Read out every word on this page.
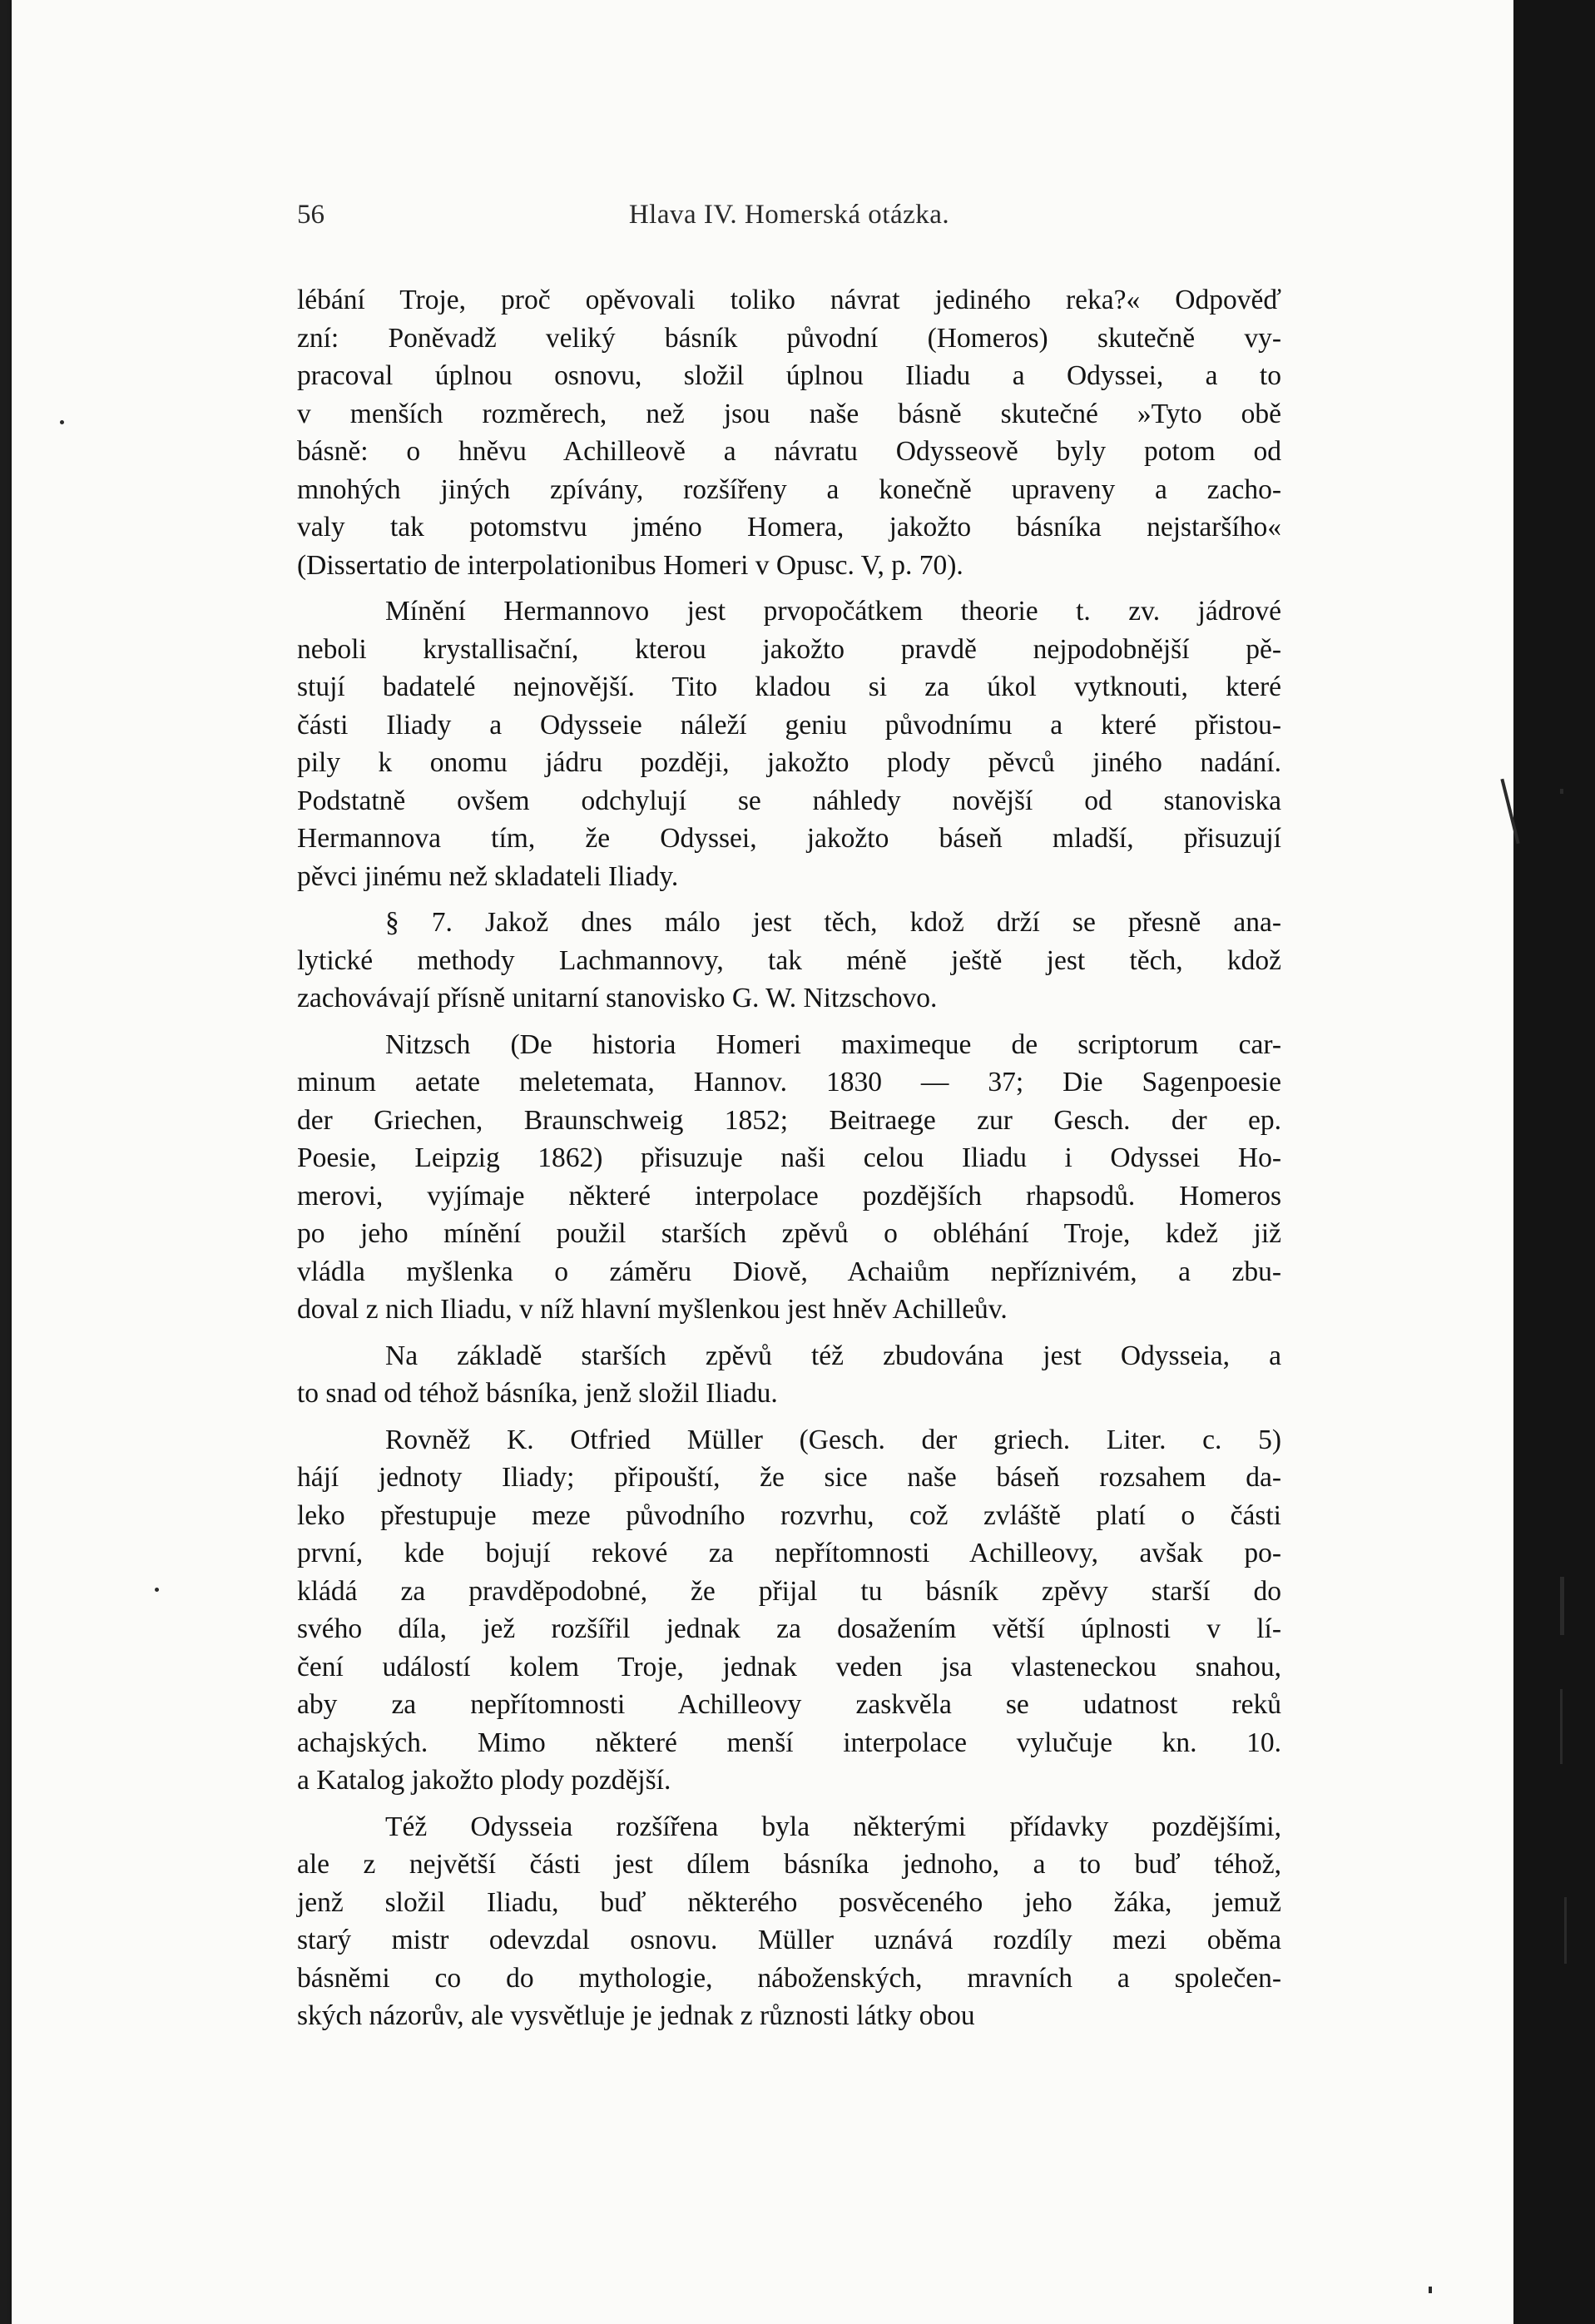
56	Hlava IV. Homerská otázka.
lébání Troje, proč opěvovali toliko návrat jediného reka?« Odpověď
zní: Poněvadž veliký básník původní (Homeros) skutečně vy-
pracoval úplnou osnovu, složil úplnou Iliadu a Odyssei, a to
v menších rozměrech, než jsou naše básně skutečné »Tyto obě
básně: o hněvu Achilleově a návratu Odysseově byly potom od
mnohých jiných zpívány, rozšířeny a konečně upraveny a zacho-
valy tak potomstvu jméno Homera, jakožto básníka nejstaršího«
(Dissertatio de interpolationibus Homeri v Opusc. V, p. 70).
Mínění Hermannovo jest prvopočátkem theorie t. zv. jádrové
neboli krystallisační, kterou jakožto pravdě nejpodobnější pě-
stují badatelé nejnovější. Tito kladou si za úkol vytknouti, které
části Iliady a Odysseie náleží geniu původnímu a které přistou-
pily k onomu jádru později, jakožto plody pěvců jiného nadání.
Podstatně ovšem odchylují se náhledy novější od stanoviska
Hermannova tím, že Odyssei, jakožto báseň mladší, přisuzují
pěvci jinému než skladateli Iliady.
§ 7. Jakož dnes málo jest těch, kdož drží se přesně ana-
lytické methody Lachmannovy, tak méně ještě jest těch, kdož
zachovávají přísně unitarní stanovisko G. W. Nitzschovo.
Nitzsch (De historia Homeri maximeque de scriptorum car-
minum aetate meletemata, Hannov. 1830 — 37; Die Sagenpoesie
der Griechen, Braunschweig 1852; Beitraege zur Gesch. der ep.
Poesie, Leipzig 1862) přisuzuje naši celou Iliadu i Odyssei Ho-
merovi, vyjímaje některé interpolace pozdějších rhapsodů. Homeros
po jeho mínění použil starších zpěvů o obléhání Troje, kdež již
vládla myšlenka o záměru Diově, Achaiům nepříznivém, a zbu-
doval z nich Iliadu, v níž hlavní myšlenkou jest hněv Achilleův.
Na základě starších zpěvů též zbudována jest Odysseia, a
to snad od téhož básníka, jenž složil Iliadu.
Rovněž K. Otfried Müller (Gesch. der griech. Liter. c. 5)
hájí jednoty Iliady; připouští, že sice naše báseň rozsahem da-
leko přestupuje meze původního rozvrhu, což zvláště platí o části
první, kde bojují rekové za nepřítomnosti Achilleovy, avšak po-
kládá za pravděpodobné, že přijal tu básník zpěvy starší do
svého díla, jež rozšířil jednak za dosažením větší úplnosti v lí-
čení událostí kolem Troje, jednak veden jsa vlasteneckou snahou,
aby za nepřítomnosti Achilleovy zaskvěla se udatnost reků
achajských. Mimo některé menší interpolace vylučuje kn. 10.
a Katalog jakožto plody pozdější.
Též Odysseia rozšířena byla některými přídavky pozdějšími,
ale z největší části jest dílem básníka jednoho, a to buď téhož,
jenž složil Iliadu, buď některého posvěceného jeho žáka, jemuž
starý mistr odevzdal osnovu. Müller uznává rozdíly mezi oběma
básněmi co do mythologie, náboženských, mravních a společen-
ských názorův, ale vysvětluje je jednak z různosti látky obou
